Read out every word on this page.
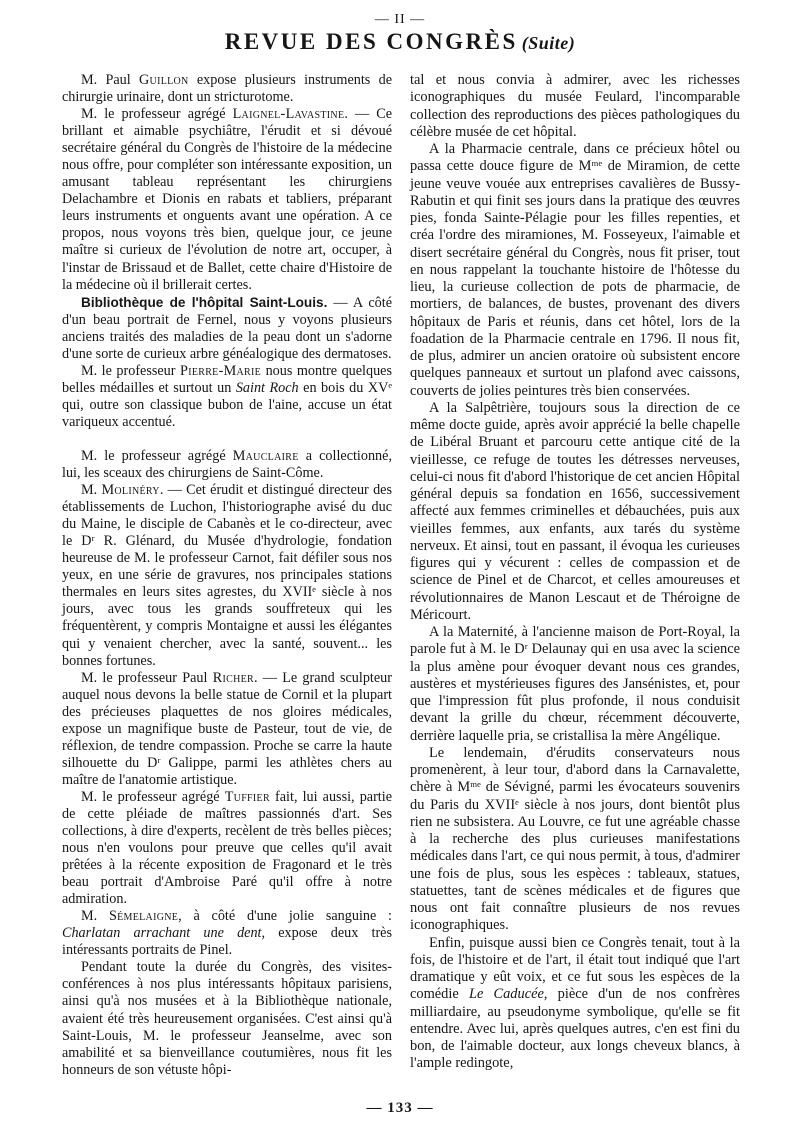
— II —
REVUE DES CONGRÈS (Suite)

M. Paul Guillon expose plusieurs instruments de chirurgie urinaire, dont un stricturotome.

M. le professeur agrégé Laignel-Lavastine. — Ce brillant et aimable psychiâtre, l'érudit et si dévoué secrétaire général du Congrès de l'histoire de la médecine nous offre, pour compléter son intéressante exposition, un amusant tableau représentant les chirurgiens Delachambre et Dionis en rabats et tabliers, préparant leurs instruments et onguents avant une opération. A ce propos, nous voyons très bien, quelque jour, ce jeune maître si curieux de l'évolution de notre art, occuper, à l'instar de Brissaud et de Ballet, cette chaire d'Histoire de la médecine où il brillerait certes.

Bibliothèque de l'hôpital Saint-Louis. — A côté d'un beau portrait de Fernel, nous y voyons plusieurs anciens traités des maladies de la peau dont un s'adorne d'une sorte de curieux arbre généalogique des dermatoses.

M. le professeur Pierre-Marie nous montre quelques belles médailles et surtout un Saint Roch en bois du XVᵉ qui, outre son classique bubon de l'aine, accuse un état variqueux accentué.

M. le professeur agrégé Mauclaire a collectionné, lui, les sceaux des chirurgiens de Saint-Côme.

M. Molinéry. — Cet érudit et distingué directeur des établissements de Luchon, l'historiographe avisé du duc du Maine, le disciple de Cabanès et le co-directeur, avec le Dʳ R. Glénard, du Musée d'hydrologie, fondation heureuse de M. le professeur Carnot, fait défiler sous nos yeux, en une série de gravures, nos principales stations thermales en leurs sites agrestes, du XVIIᵉ siècle à nos jours, avec tous les grands souffreteux qui les fréquentèrent, y compris Montaigne et aussi les élégantes qui y venaient chercher, avec la santé, souvent... les bonnes fortunes.

M. le professeur Paul Richer. — Le grand sculpteur auquel nous devons la belle statue de Cornil et la plupart des précieuses plaquettes de nos gloires médicales, expose un magnifique buste de Pasteur, tout de vie, de réflexion, de tendre compassion. Proche se carre la haute silhouette du Dʳ Galippe, parmi les athlètes chers au maître de l'anatomie artistique.

M. le professeur agrégé Tuffier fait, lui aussi, partie de cette pléiade de maîtres passionnés d'art. Ses collections, à dire d'experts, recèlent de très belles pièces; nous n'en voulons pour preuve que celles qu'il avait prêtées à la récente exposition de Fragonard et le très beau portrait d'Ambroise Paré qu'il offre à notre admiration.

M. Sémelaigne, à côté d'une jolie sanguine : Charlatan arrachant une dent, expose deux très intéressants portraits de Pinel.

Pendant toute la durée du Congrès, des visites-conférences à nos plus intéressants hôpitaux parisiens, ainsi qu'à nos musées et à la Bibliothèque nationale, avaient été très heureusement organisées. C'est ainsi qu'à Saint-Louis, M. le professeur Jeanselme, avec son amabilité et sa bienveillance coutumières, nous fit les honneurs de son vétuste hôpi-

tal et nous convia à admirer, avec les richesses iconographiques du musée Feulard, l'incomparable collection des reproductions des pièces pathologiques du célèbre musée de cet hôpital.

A la Pharmacie centrale, dans ce précieux hôtel ou passa cette douce figure de Mᵐᵉ de Miramion, de cette jeune veuve vouée aux entreprises cavalières de Bussy-Rabutin et qui finit ses jours dans la pratique des œuvres pies, fonda Sainte-Pélagie pour les filles repenties, et créa l'ordre des miramiones, M. Fosseyeux, l'aimable et disert secrétaire général du Congrès, nous fit priser, tout en nous rappelant la touchante histoire de l'hôtesse du lieu, la curieuse collection de pots de pharmacie, de mortiers, de balances, de bustes, provenant des divers hôpitaux de Paris et réunis, dans cet hôtel, lors de la foadation de la Pharmacie centrale en 1796. Il nous fit, de plus, admirer un ancien oratoire où subsistent encore quelques panneaux et surtout un plafond avec caissons, couverts de jolies peintures très bien conservées.

A la Salpêtrière, toujours sous la direction de ce même docte guide, après avoir apprécié la belle chapelle de Libéral Bruant et parcouru cette antique cité de la vieillesse, ce refuge de toutes les détresses nerveuses, celui-ci nous fit d'abord l'historique de cet ancien Hôpital général depuis sa fondation en 1656, successivement affecté aux femmes criminelles et débauchées, puis aux vieilles femmes, aux enfants, aux tarés du système nerveux. Et ainsi, tout en passant, il évoqua les curieuses figures qui y vécurent : celles de compassion et de science de Pinel et de Charcot, et celles amoureuses et révolutionnaires de Manon Lescaut et de Théroigne de Méricourt.

A la Maternité, à l'ancienne maison de Port-Royal, la parole fut à M. le Dʳ Delaunay qui en usa avec la science la plus amène pour évoquer devant nous ces grandes, austères et mystérieuses figures des Jansénistes, et, pour que l'impression fût plus profonde, il nous conduisit devant la grille du chœur, récemment découverte, derrière laquelle pria, se cristallisa la mère Angélique.

Le lendemain, d'érudits conservateurs nous promenèrent, à leur tour, d'abord dans la Carnavalette, chère à Mᵐᵉ de Sévigné, parmi les évocateurs souvenirs du Paris du XVIIᵉ siècle à nos jours, dont bientôt plus rien ne subsistera. Au Louvre, ce fut une agréable chasse à la recherche des plus curieuses manifestations médicales dans l'art, ce qui nous permit, à tous, d'admirer une fois de plus, sous les espèces : tableaux, statues, statuettes, tant de scènes médicales et de figures que nous ont fait connaître plusieurs de nos revues iconographiques.

Enfin, puisque aussi bien ce Congrès tenait, tout à la fois, de l'histoire et de l'art, il était tout indiqué que l'art dramatique y eût voix, et ce fut sous les espèces de la comédie Le Caducée, pièce d'un de nos confrères milliardaire, au pseudonyme symbolique, qu'elle se fit entendre. Avec lui, après quelques autres, c'en est fini du bon, de l'aimable docteur, aux longs cheveux blancs, à l'ample redingote,

— 133 —
